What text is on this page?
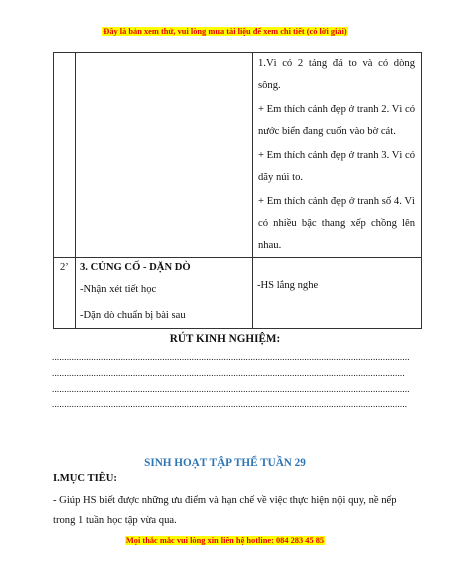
Đây là bản xem thử, vui lòng mua tài liệu để xem chi tiết (có lời giải)

		1.Vì có 2 tảng đá to và có dòng sông.

+ Em thích cảnh đẹp ở tranh 2. Vì có nước biển đang cuốn vào bờ cát.

+ Em thích cảnh đẹp ở tranh 3. Vì có dãy núi to.

+ Em thích cảnh đẹp ở tranh số 4. Vì có nhiều bậc thang xếp chồng lên nhau.

2’	3. CỦNG CỐ - DẶN DÒ

-Nhận xét tiết học

-Dặn dò chuẩn bị bài sau	-HS lắng nghe
RÚT KINH NGHIỆM:
..................................................................................................................................................
................................................................................................................................................
..................................................................................................................................................
.................................................................................................................................................
SINH HOẠT TẬP THỂ TUẦN 29
I.MỤC TIÊU:
- Giúp HS biết được những ưu điểm và hạn chế về việc thực hiện nội quy, nề nếp trong 1 tuần học tập vừa qua.
Mọi thắc mắc vui lòng xin liên hệ hotline: 084 283 45 85
